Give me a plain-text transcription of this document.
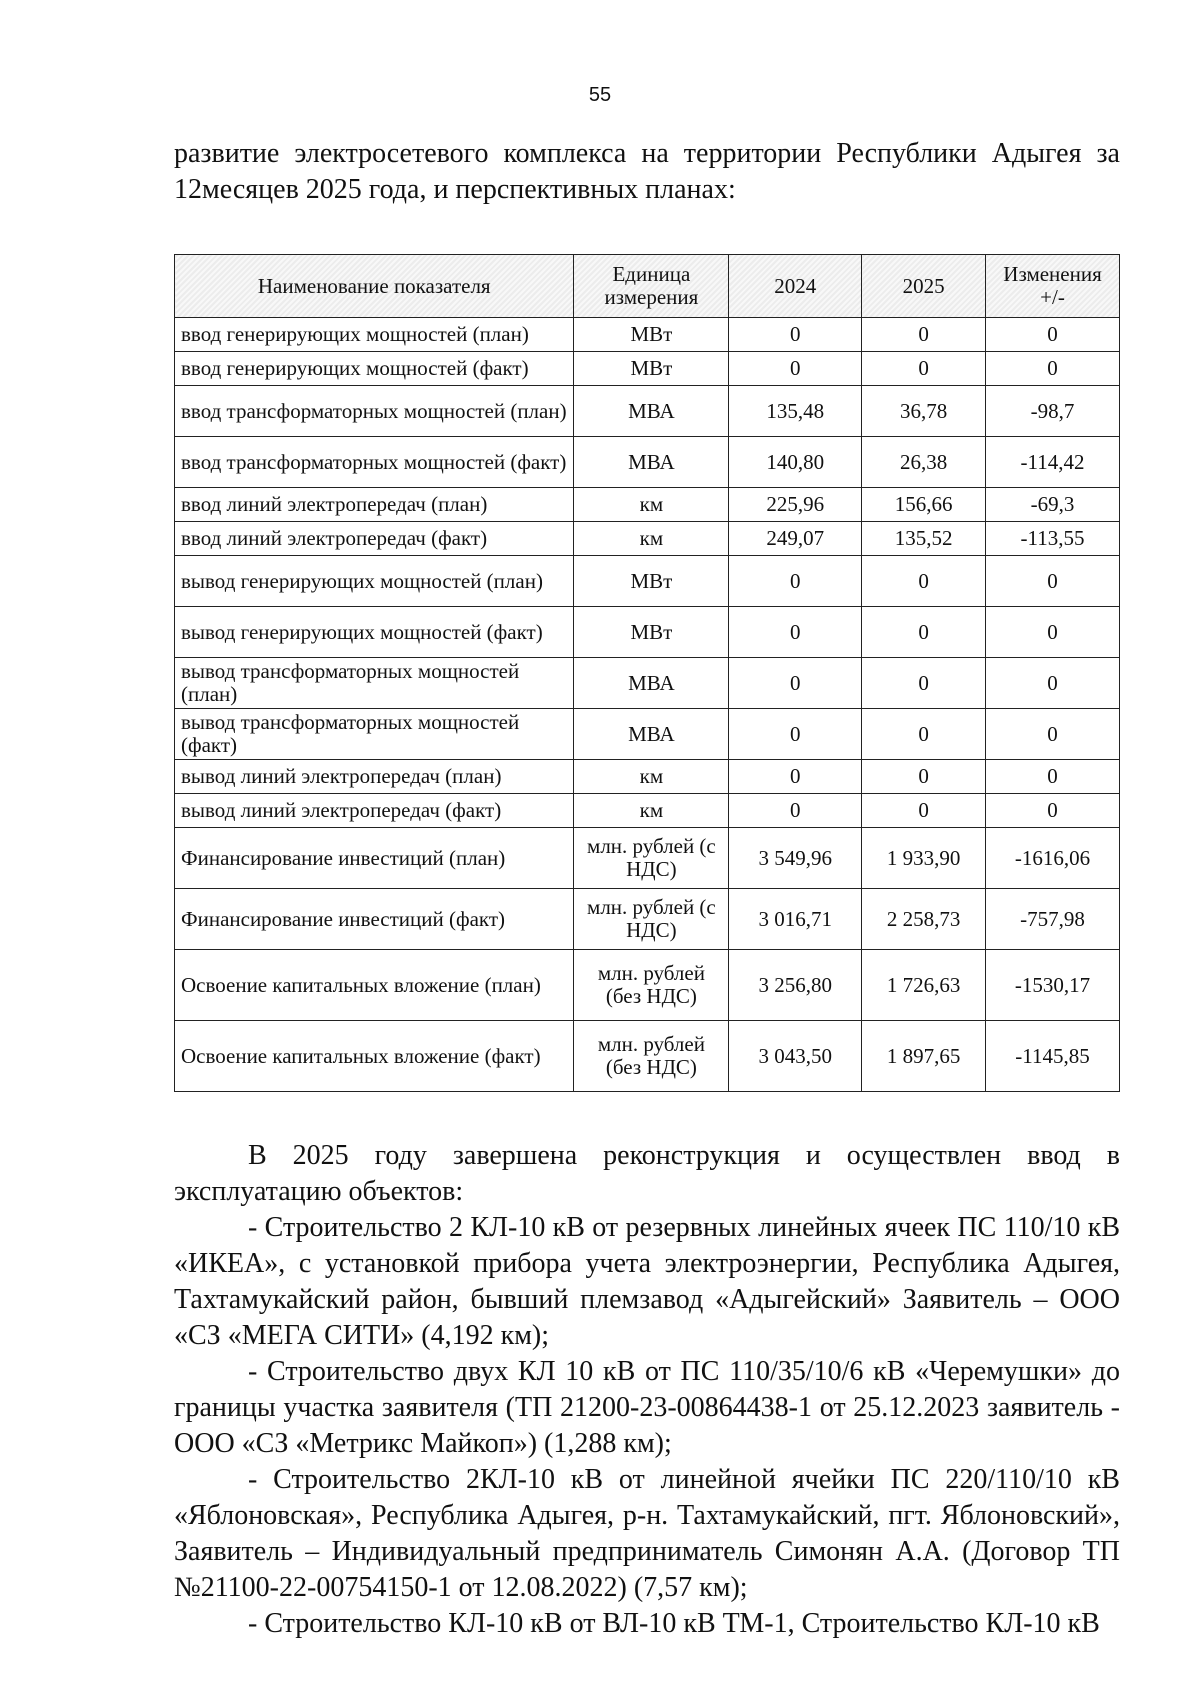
55

развитие электросетевого комплекса на территории Республики Адыгея за 12месяцев 2025 года, и перспективных планах:

Наименование показателя	Единица измерения	2024	2025	Изменения +/-
ввод генерирующих мощностей (план)	МВт	0	0	0
ввод генерирующих мощностей (факт)	МВт	0	0	0
ввод трансформаторных мощностей (план)	МВА	135,48	36,78	-98,7
ввод трансформаторных мощностей (факт)	МВА	140,80	26,38	-114,42
ввод линий электропередач (план)	км	225,96	156,66	-69,3
ввод линий электропередач (факт)	км	249,07	135,52	-113,55
вывод генерирующих мощностей (план)	МВт	0	0	0
вывод генерирующих мощностей (факт)	МВт	0	0	0
вывод трансформаторных мощностей (план)	МВА	0	0	0
вывод трансформаторных мощностей (факт)	МВА	0	0	0
вывод линий электропередач (план)	км	0	0	0
вывод линий электропередач (факт)	км	0	0	0
Финансирование инвестиций (план)	млн. рублей (с НДС)	3 549,96	1 933,90	-1616,06
Финансирование инвестиций (факт)	млн. рублей (с НДС)	3 016,71	2 258,73	-757,98
Освоение капитальных вложение (план)	млн. рублей (без НДС)	3 256,80	1 726,63	-1530,17
Освоение капитальных вложение (факт)	млн. рублей (без НДС)	3 043,50	1 897,65	-1145,85

В 2025 году завершена реконструкция и осуществлен ввод в эксплуатацию объектов:

- Строительство 2 КЛ-10 кВ от резервных линейных ячеек ПС 110/10 кВ «ИКЕА», с установкой прибора учета электроэнергии, Республика Адыгея, Тахтамукайский район, бывший племзавод «Адыгейский» Заявитель – ООО «СЗ «МЕГА СИТИ» (4,192 км);

- Строительство двух КЛ 10 кВ от ПС 110/35/10/6 кВ «Черемушки» до границы участка заявителя (ТП 21200-23-00864438-1 от 25.12.2023 заявитель - ООО «СЗ «Метрикс Майкоп») (1,288 км);

- Строительство 2КЛ-10 кВ от линейной ячейки ПС 220/110/10 кВ «Яблоновская», Республика Адыгея, р-н. Тахтамукайский, пгт. Яблоновский», Заявитель – Индивидуальный предприниматель Симонян А.А. (Договор ТП №21100-22-00754150-1 от 12.08.2022) (7,57 км);

- Строительство КЛ-10 кВ от ВЛ-10 кВ ТМ-1, Строительство КЛ-10 кВ
